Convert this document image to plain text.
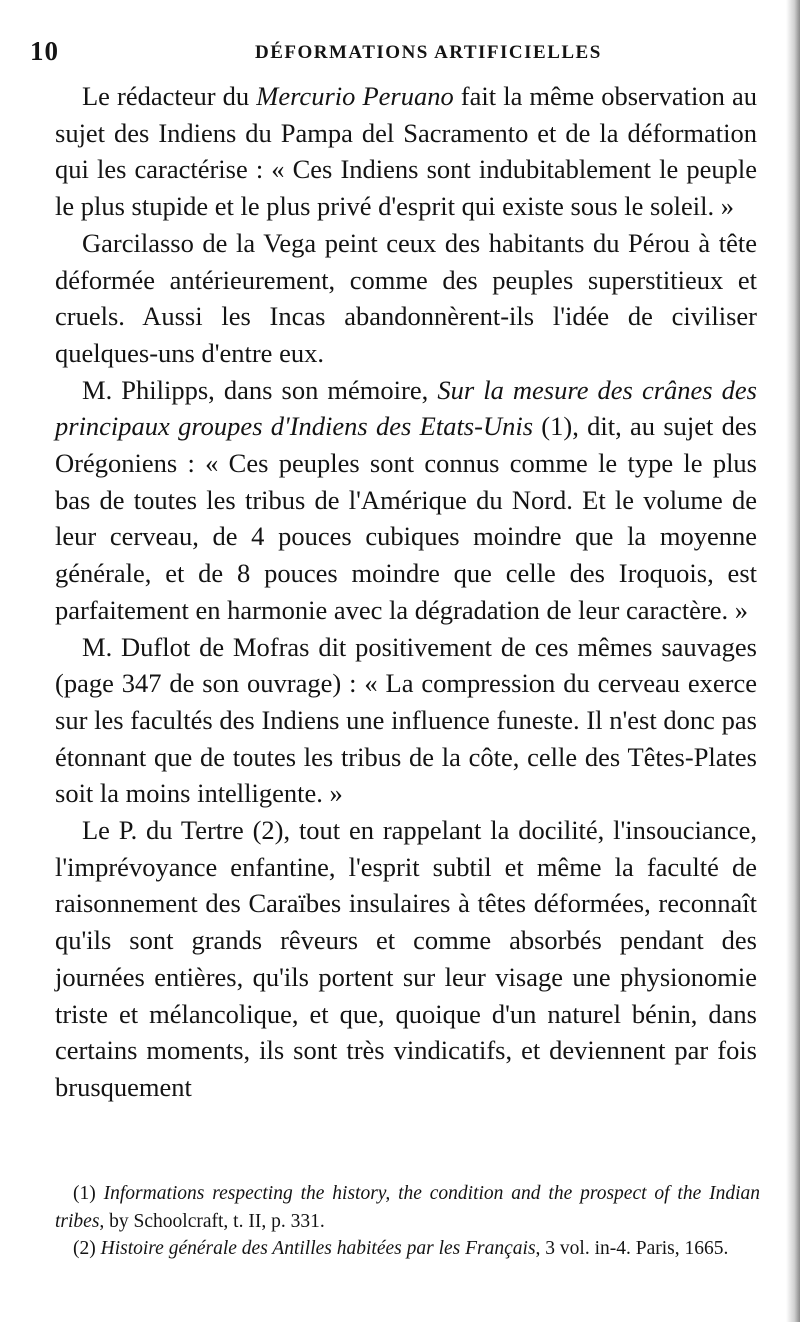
10	DÉFORMATIONS ARTIFICIELLES

Le rédacteur du Mercurio Peruano fait la même observation au sujet des Indiens du Pampa del Sacramento et de la déformation qui les caractérise : « Ces Indiens sont indubitablement le peuple le plus stupide et le plus privé d'esprit qui existe sous le soleil. »

Garcilasso de la Vega peint ceux des habitants du Pérou à tête déformée antérieurement, comme des peuples superstitieux et cruels. Aussi les Incas abandonnèrent-ils l'idée de civiliser quelques-uns d'entre eux.

M. Philipps, dans son mémoire, Sur la mesure des crânes des principaux groupes d'Indiens des Etats-Unis (1), dit, au sujet des Orégoniens : « Ces peuples sont connus comme le type le plus bas de toutes les tribus de l'Amérique du Nord. Et le volume de leur cerveau, de 4 pouces cubiques moindre que la moyenne générale, et de 8 pouces moindre que celle des Iroquois, est parfaitement en harmonie avec la dégradation de leur caractère. »

M. Duflot de Mofras dit positivement de ces mêmes sauvages (page 347 de son ouvrage) : « La compression du cerveau exerce sur les facultés des Indiens une influence funeste. Il n'est donc pas étonnant que de toutes les tribus de la côte, celle des Têtes-Plates soit la moins intelligente. »

Le P. du Tertre (2), tout en rappelant la docilité, l'insouciance, l'imprévoyance enfantine, l'esprit subtil et même la faculté de raisonnement des Caraïbes insulaires à têtes déformées, reconnaît qu'ils sont grands rêveurs et comme absorbés pendant des journées entières, qu'ils portent sur leur visage une physionomie triste et mélancolique, et que, quoique d'un naturel bénin, dans certains moments, ils sont très vindicatifs, et deviennent par fois brusquement

(1) Informations respecting the history, the condition and the prospect of the Indian tribes, by Schoolcraft, t. II, p. 331.

(2) Histoire générale des Antilles habitées par les Français, 3 vol. in-4. Paris, 1665.
